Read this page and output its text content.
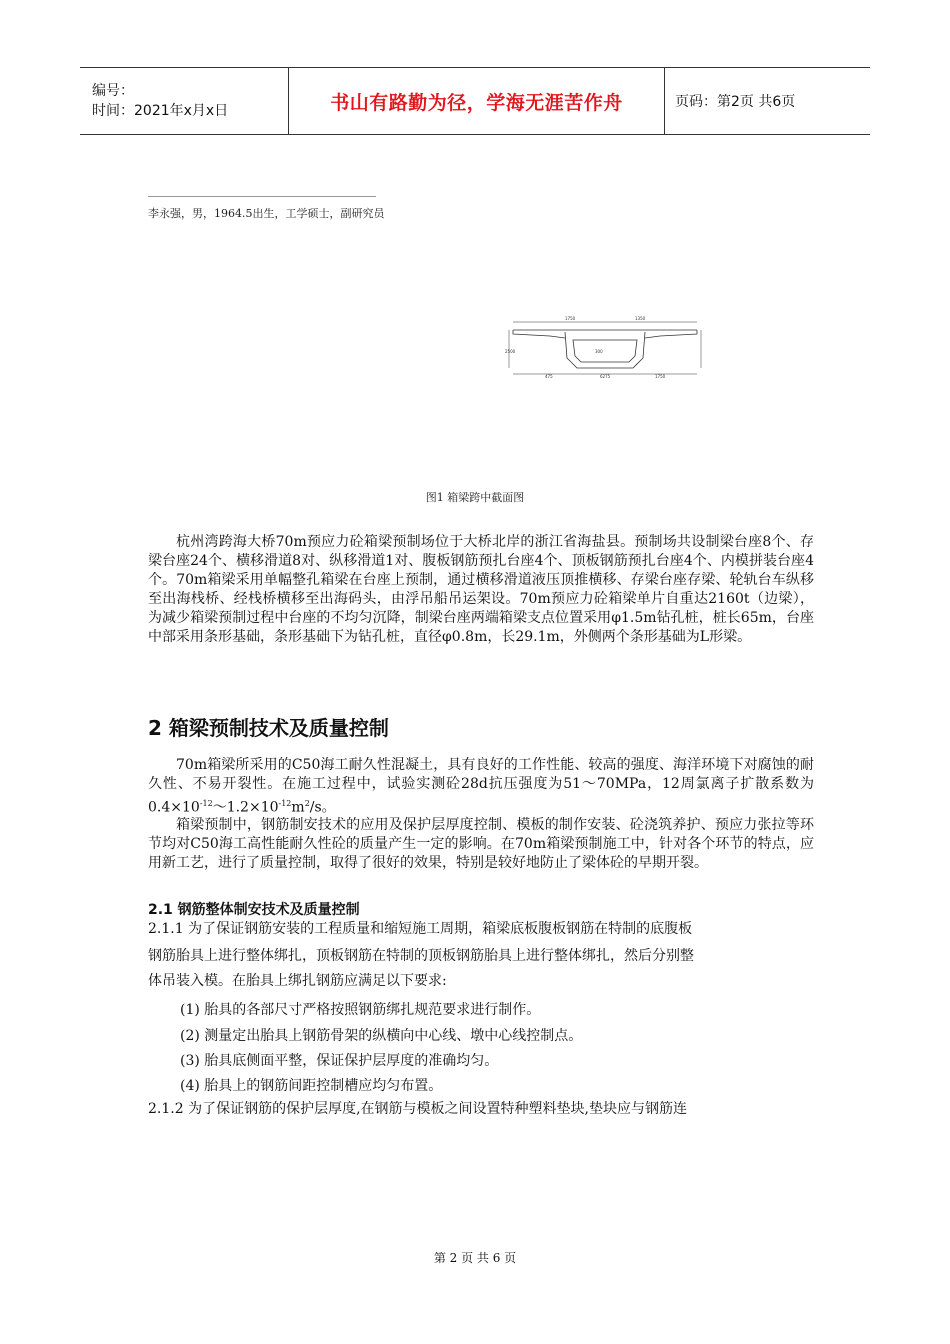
编号：
时间：2021年x月x日	书山有路勤为径，学海无涯苦作舟	页码：第2页 共6页
李永强，男，1964.5出生，工学硕士，副研究员
1750	1350
475	6275	1750
300
2500
图1 箱梁跨中截面图

杭州湾跨海大桥70m预应力砼箱梁预制场位于大桥北岸的浙江省海盐县。预制场共设制梁台座8个、存梁台座24个、横移滑道8对、纵移滑道1对、腹板钢筋预扎台座4个、顶板钢筋预扎台座4个、内模拼装台座4个。70m箱梁采用单幅整孔箱梁在台座上预制，通过横移滑道液压顶推横移、存梁台座存梁、轮轨台车纵移至出海栈桥、经栈桥横移至出海码头，由浮吊船吊运架设。70m预应力砼箱梁单片自重达2160t（边梁），为减少箱梁预制过程中台座的不均匀沉降，制梁台座两端箱梁支点位置采用φ1.5m钻孔桩，桩长65m，台座中部采用条形基础，条形基础下为钻孔桩，直径φ0.8m，长29.1m，外侧两个条形基础为L形梁。

2 箱梁预制技术及质量控制

70m箱梁所采用的C50海工耐久性混凝土，具有良好的工作性能、较高的强度、海洋环境下对腐蚀的耐久性、不易开裂性。在施工过程中，试验实测砼28d抗压强度为51～70MPa，12周氯离子扩散系数为$0.4\times 10^{-12}\sim 1.2\times 10^{-12}m^2/s$。

箱梁预制中，钢筋制安技术的应用及保护层厚度控制、模板的制作安装、砼浇筑养护、预应力张拉等环节均对C50海工高性能耐久性砼的质量产生一定的影响。在70m箱梁预制施工中，针对各个环节的特点，应用新工艺，进行了质量控制，取得了很好的效果，特别是较好地防止了梁体砼的早期开裂。

2.1 钢筋整体制安技术及质量控制

2.1.1 为了保证钢筋安装的工程质量和缩短施工周期，箱梁底板腹板钢筋在特制的底腹板

钢筋胎具上进行整体绑扎，顶板钢筋在特制的顶板钢筋胎具上进行整体绑扎，然后分别整

体吊装入模。在胎具上绑扎钢筋应满足以下要求:

(1) 胎具的各部尺寸严格按照钢筋绑扎规范要求进行制作。

(2) 测量定出胎具上钢筋骨架的纵横向中心线、墩中心线控制点。

(3) 胎具底侧面平整，保证保护层厚度的准确均匀。

(4) 胎具上的钢筋间距控制槽应均匀布置。

2.1.2 为了保证钢筋的保护层厚度,在钢筋与模板之间设置特种塑料垫块,垫块应与钢筋连

第 2 页 共 6 页
